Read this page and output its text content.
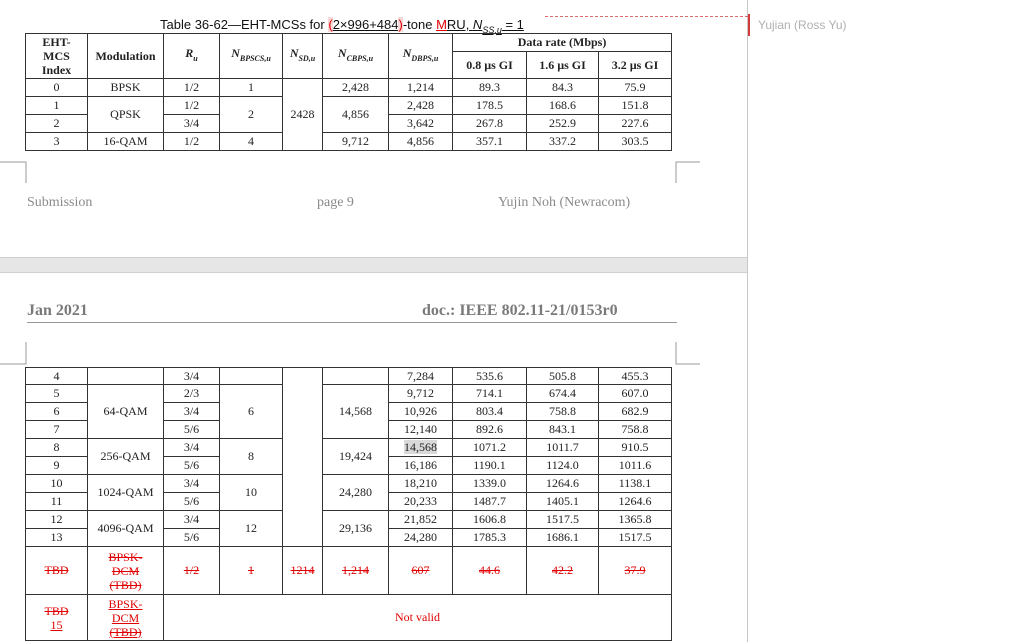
Yujian (Ross Yu)
Table 36-62—EHT-MCSs for (2×996+484)-tone MRU, $N_{SS,u} = 1$
EHT-
MCS
Index	Modulation	$R_u$	$N_{BPSCS,u}$	$N_{SD,u}$	$N_{CBPS,u}$	$N_{DBPS,u}$	Data rate (Mbps)		
							0.8 µs GI	1.6 µs GI	3.2 µs GI
0	BPSK	1/2	1	2428	2,428	1,214	89.3	84.3	75.9
1	QPSK	1/2	2		4,856	2,428	178.5	168.6	151.8
2		3/4				3,642	267.8	252.9	227.6
3	16-QAM	1/2	4		9,712	4,856	357.1	337.2	303.5
Submission	page 9	Yujin Noh (Newracom)
Jan 2021	doc.: IEEE 802.11-21/0153r0
4		3/4				7,284	535.6	505.8	455.3
5	64-QAM	2/3	6		14,568	9,712	714.1	674.4	607.0
6		3/4				10,926	803.4	758.8	682.9
7		5/6				12,140	892.6	843.1	758.8
8	256-QAM	3/4	8		19,424	14,568	1071.2	1011.7	910.5
9		5/6				16,186	1190.1	1124.0	1011.6
10	1024-QAM	3/4	10		24,280	18,210	1339.0	1264.6	1138.1
11		5/6				20,233	1487.7	1405.1	1264.6
12	4096-QAM	3/4	12		29,136	21,852	1606.8	1517.5	1365.8
13		5/6				24,280	1785.3	1686.1	1517.5
TBD	BPSK-
DCM
(TBD)	1/2	1	1214	1,214	607	44.6	42.2	37.9
TBD
15	BPSK-
DCM
(TBD)	Not valid							
